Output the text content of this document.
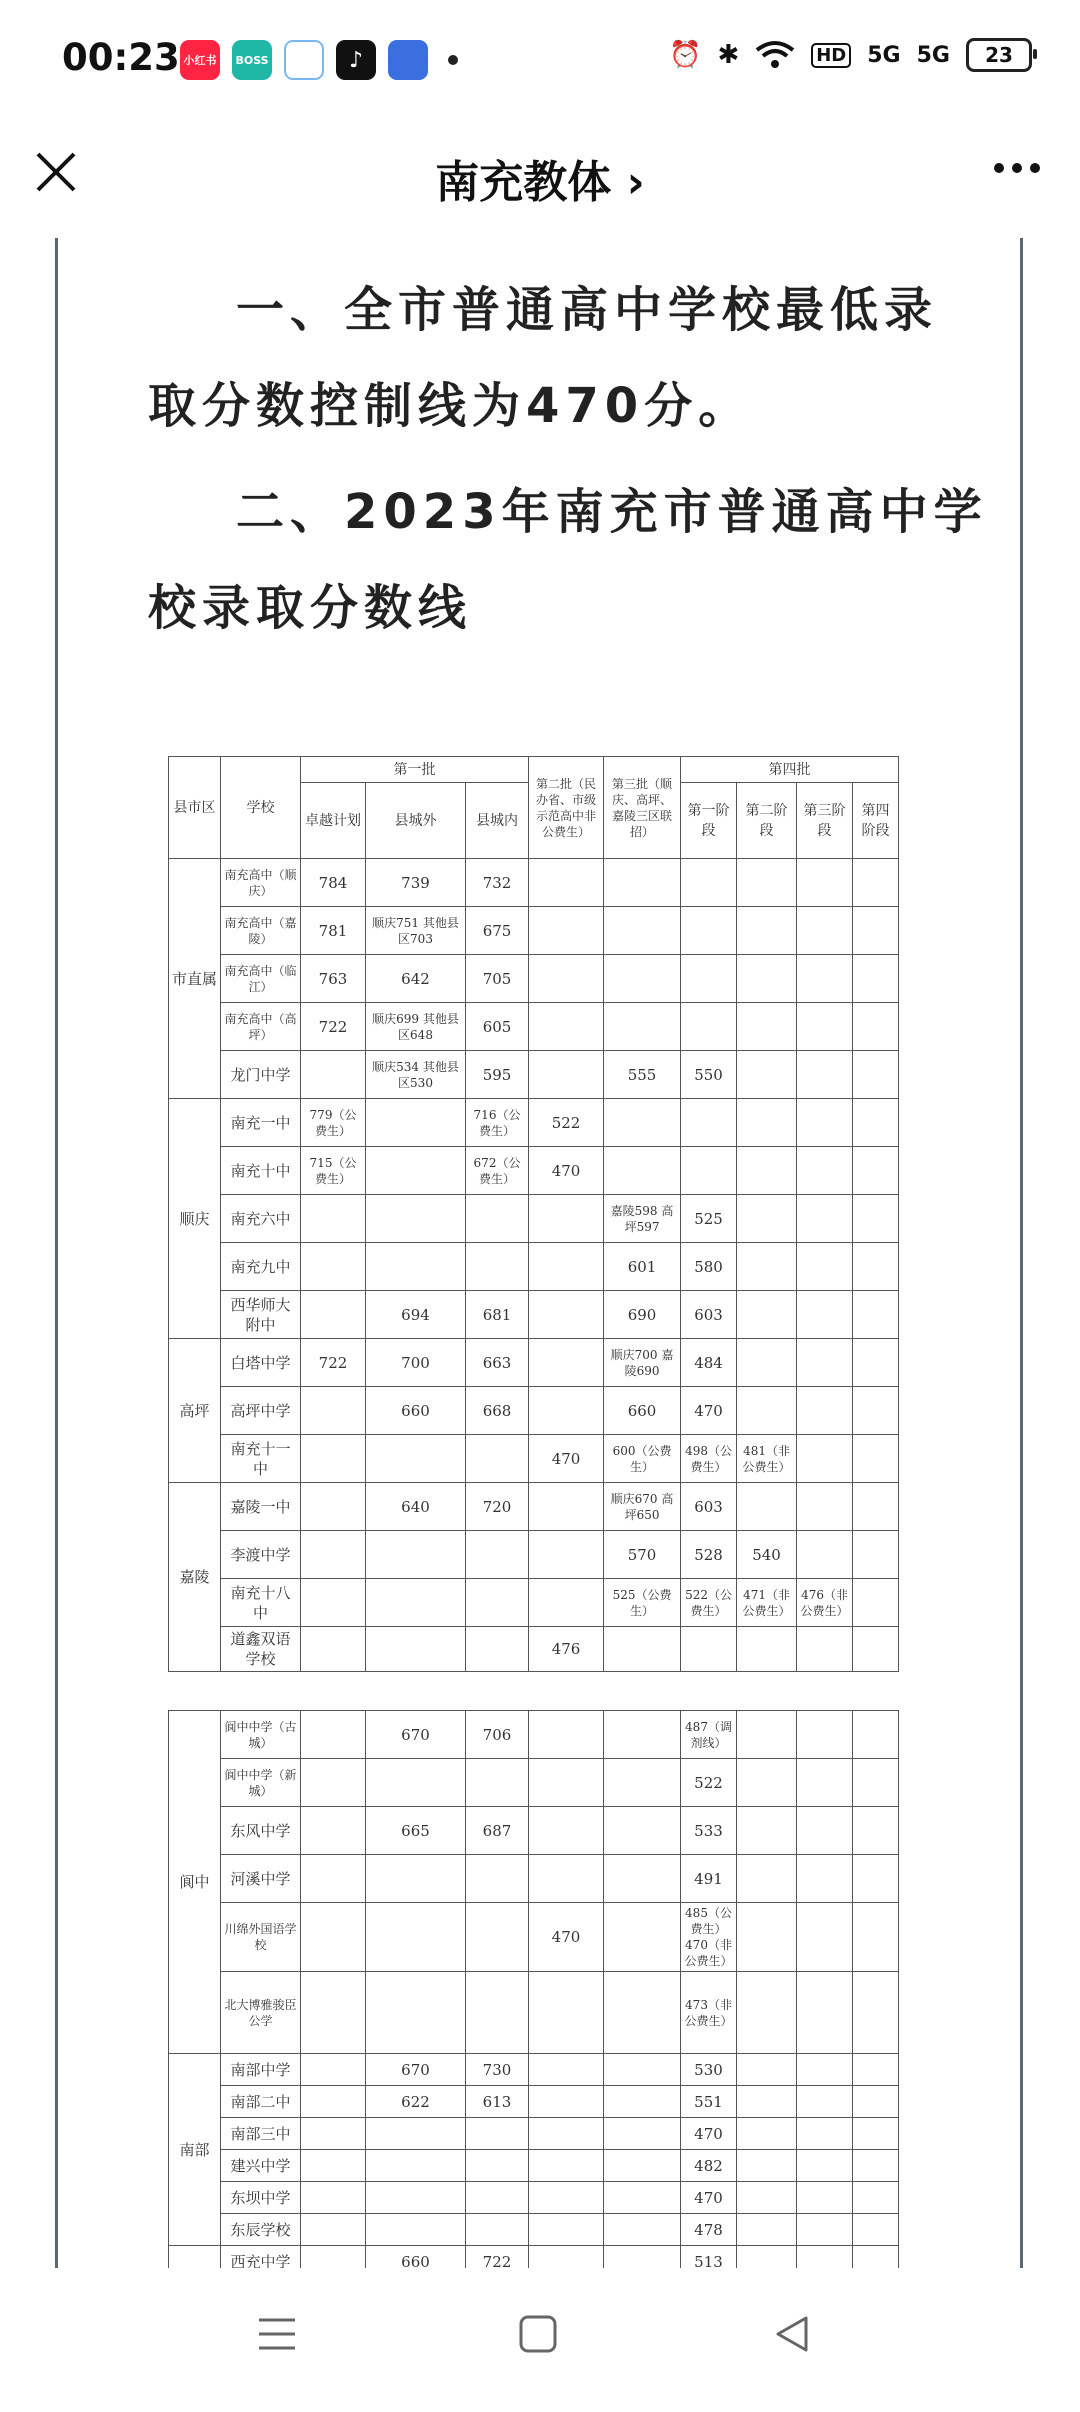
00:23 小红书	BOSS	♪	⏰ ✱	HD 5G 5G 23
南充教体 ›
一、全市普通高中学校最低录
取分数控制线为470分。
二、2023年南充市普通高中学
校录取分数线
县市区	学校	第一批			第二批（民办省、市级示范高中非公费生）	第三批（顺庆、高坪、嘉陵三区联招）	第四批			
		卓越计划	县城外	县城内			第一阶段	第二阶段	第三阶段	第四阶段
市直属	南充高中（顺庆）	784	739	732						
	南充高中（嘉陵）	781	顺庆751 其他县区703	675						
	南充高中（临江）	763	642	705						
	南充高中（高坪）	722	顺庆699 其他县区648	605						
	龙门中学		顺庆534 其他县区530	595		555	550			
顺庆	南充一中	779（公费生）		716（公费生）	522					
	南充十中	715（公费生）		672（公费生）	470					
	南充六中					嘉陵598 高坪597	525			
	南充九中					601	580			
	西华师大附中		694	681		690	603			
高坪	白塔中学	722	700	663		顺庆700 嘉陵690	484			
	高坪中学		660	668		660	470			
	南充十一中				470	600（公费生）	498（公费生）	481（非公费生）		
嘉陵	嘉陵一中		640	720		顺庆670 高坪650	603			
	李渡中学					570	528	540		
	南充十八中					525（公费生）	522（公费生）	471（非公费生）	476（非公费生）	
	道鑫双语学校				476					
阆中	阆中中学（古城）		670	706			487（调剂线）			
	阆中中学（新城）						522			
	东风中学		665	687			533			
	河溪中学						491			
	川绵外国语学校				470		485（公费生） 470（非公费生）			
	北大博雅骏臣公学						473（非公费生）			
南部	南部中学		670	730			530			
	南部二中		622	613			551			
	南部三中						470			
	建兴中学						482			
	东坝中学						470			
	东辰学校						478			
	西充中学		660	722			513			
